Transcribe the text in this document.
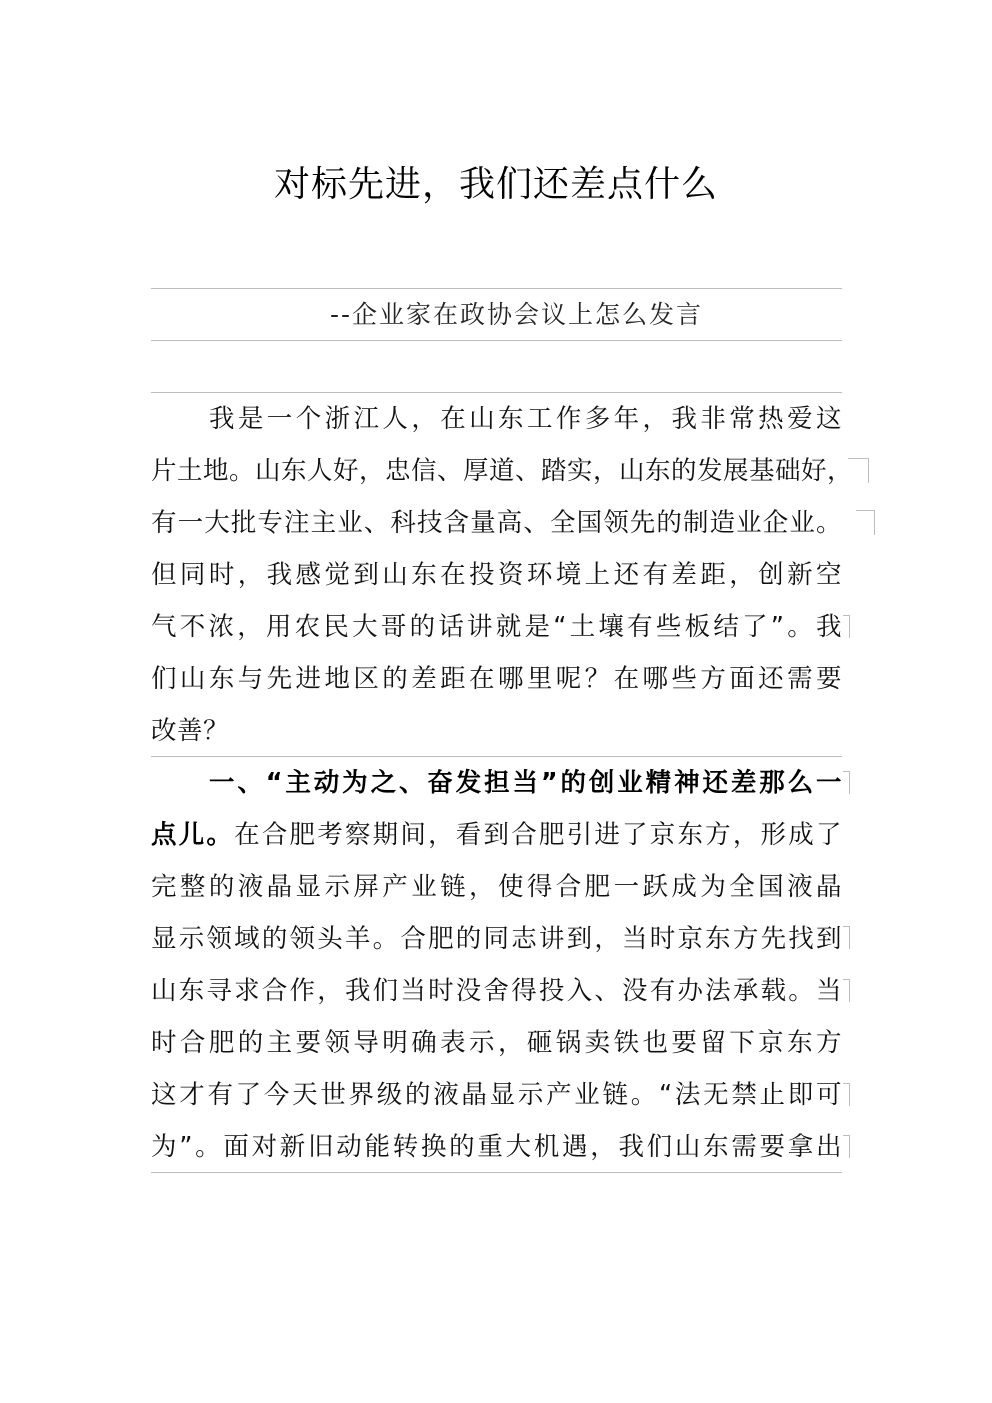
对标先进，我们还差点什么
--企业家在政协会议上怎么发言
我是一个浙江人，在山东工作多年，我非常热爱这
片土地。山东人好，忠信、厚道、踏实，山东的发展基础好，
有一大批专注主业、科技含量高、全国领先的制造业企业。
但同时，我感觉到山东在投资环境上还有差距，创新空
气不浓，用农民大哥的话讲就是“土壤有些板结了”。我
们山东与先进地区的差距在哪里呢？在哪些方面还需要
改善？
一、“主动为之、奋发担当”的创业精神还差那么一
点儿。在合肥考察期间，看到合肥引进了京东方，形成了
完整的液晶显示屏产业链，使得合肥一跃成为全国液晶
显示领域的领头羊。合肥的同志讲到，当时京东方先找到
山东寻求合作，我们当时没舍得投入、没有办法承载。当
时合肥的主要领导明确表示，砸锅卖铁也要留下京东方
这才有了今天世界级的液晶显示产业链。“法无禁止即可
为”。面对新旧动能转换的重大机遇，我们山东需要拿出
